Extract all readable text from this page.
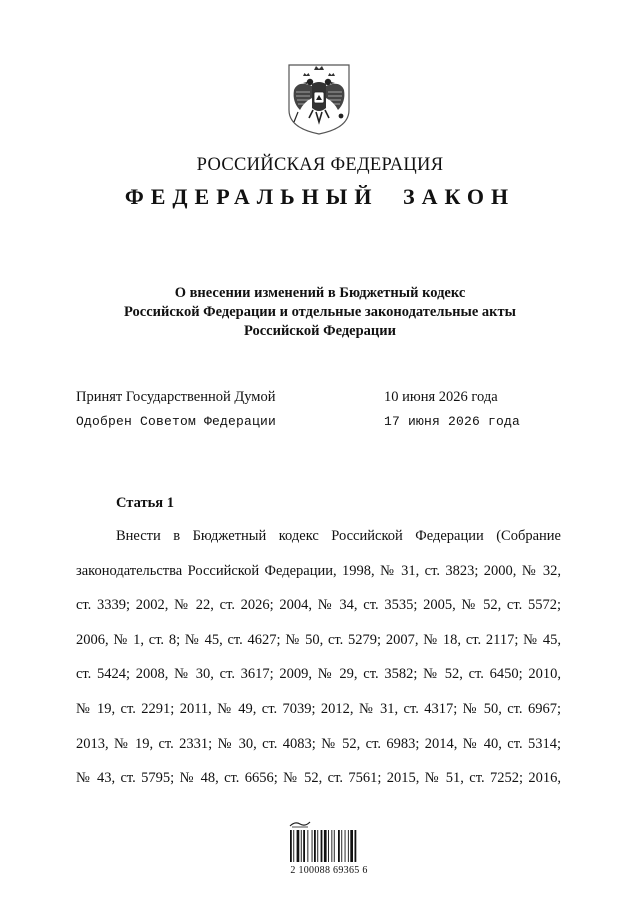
РОССИЙСКАЯ ФЕДЕРАЦИЯ
ФЕДЕРАЛЬНЫЙ ЗАКОН
О внесении изменений в Бюджетный кодекс
Российской Федерации и отдельные законодательные акты
Российской Федерации
Принят Государственной Думой	10 июня 2026 года
Одобрен Советом Федерации	17 июня 2026 года
Статья 1
Внести в Бюджетный кодекс Российской Федерации (Собрание
законодательства Российской Федерации, 1998, № 31, ст. 3823; 2000, № 32,
ст. 3339; 2002, № 22, ст. 2026; 2004, № 34, ст. 3535; 2005, № 52, ст. 5572;
2006, № 1, ст. 8; № 45, ст. 4627; № 50, ст. 5279; 2007, № 18, ст. 2117; № 45,
ст. 5424; 2008, № 30, ст. 3617; 2009, № 29, ст. 3582; № 52, ст. 6450; 2010,
№ 19, ст. 2291; 2011, № 49, ст. 7039; 2012, № 31, ст. 4317; № 50, ст. 6967;
2013, № 19, ст. 2331; № 30, ст. 4083; № 52, ст. 6983; 2014, № 40, ст. 5314;
№ 43, ст. 5795; № 48, ст. 6656; № 52, ст. 7561; 2015, № 51, ст. 7252; 2016,
2 100088 69365 6
